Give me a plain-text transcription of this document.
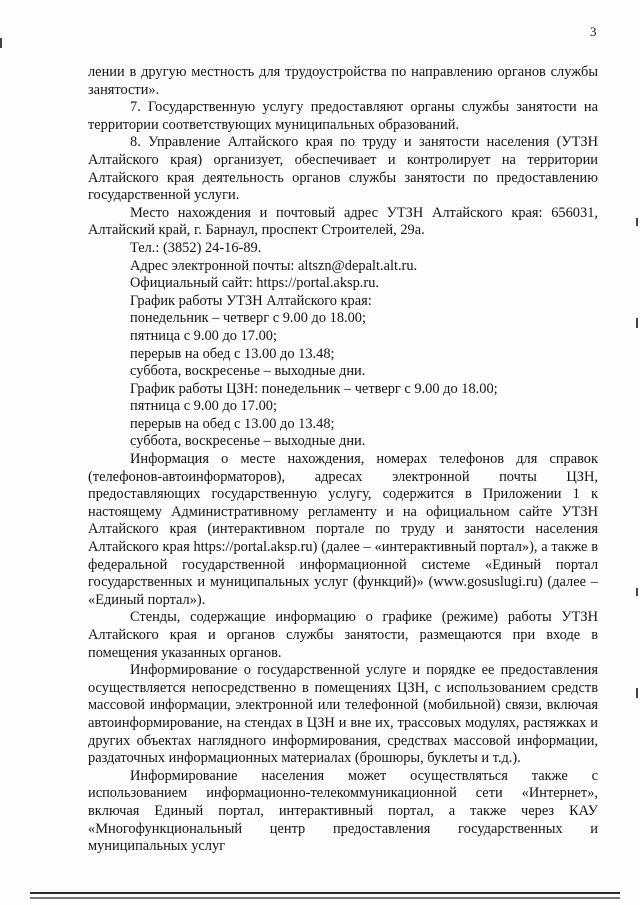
3

лении в другую местность для трудоустройства по направлению органов службы занятости».

7. Государственную услугу предоставляют органы службы занятости на территории соответствующих муниципальных образований.

8. Управление Алтайского края по труду и занятости населения (УТЗН Алтайского края) организует, обеспечивает и контролирует на территории Алтайского края деятельность органов службы занятости по предоставлению государственной услуги.

Место нахождения и почтовый адрес УТЗН Алтайского края: 656031, Алтайский край, г. Барнаул, проспект Строителей, 29а.

Тел.: (3852) 24-16-89.
Адрес электронной почты: altszn@depalt.alt.ru.
Официальный сайт: https://portal.aksp.ru.
График работы УТЗН Алтайского края:
понедельник – четверг с 9.00 до 18.00;
пятница с 9.00 до 17.00;
перерыв на обед с 13.00 до 13.48;
суббота, воскресенье – выходные дни.
График работы ЦЗН: понедельник – четверг с 9.00 до 18.00;
пятница с 9.00 до 17.00;
перерыв на обед с 13.00 до 13.48;
суббота, воскресенье – выходные дни.

Информация о месте нахождения, номерах телефонов для справок (телефонов-автоинформаторов), адресах электронной почты ЦЗН, предоставляющих государственную услугу, содержится в Приложении 1 к настоящему Административному регламенту и на официальном сайте УТЗН Алтайского края (интерактивном портале по труду и занятости населения Алтайского края https://portal.aksp.ru) (далее – «интерактивный портал»), а также в федеральной государственной информационной системе «Единый портал государственных и муниципальных услуг (функций)» (www.gosuslugi.ru) (далее – «Единый портал»).

Стенды, содержащие информацию о графике (режиме) работы УТЗН Алтайского края и органов службы занятости, размещаются при входе в помещения указанных органов.

Информирование о государственной услуге и порядке ее предоставления осуществляется непосредственно в помещениях ЦЗН, с использованием средств массовой информации, электронной или телефонной (мобильной) связи, включая автоинформирование, на стендах в ЦЗН и вне их, трассовых модулях, растяжках и других объектах наглядного информирования, средствах массовой информации, раздаточных информационных материалах (брошюры, буклеты и т.д.).

Информирование населения может осуществляться также с использованием информационно-телекоммуникационной сети «Интернет», включая Единый портал, интерактивный портал, а также через КАУ «Многофункциональный центр предоставления государственных и муниципальных услуг
